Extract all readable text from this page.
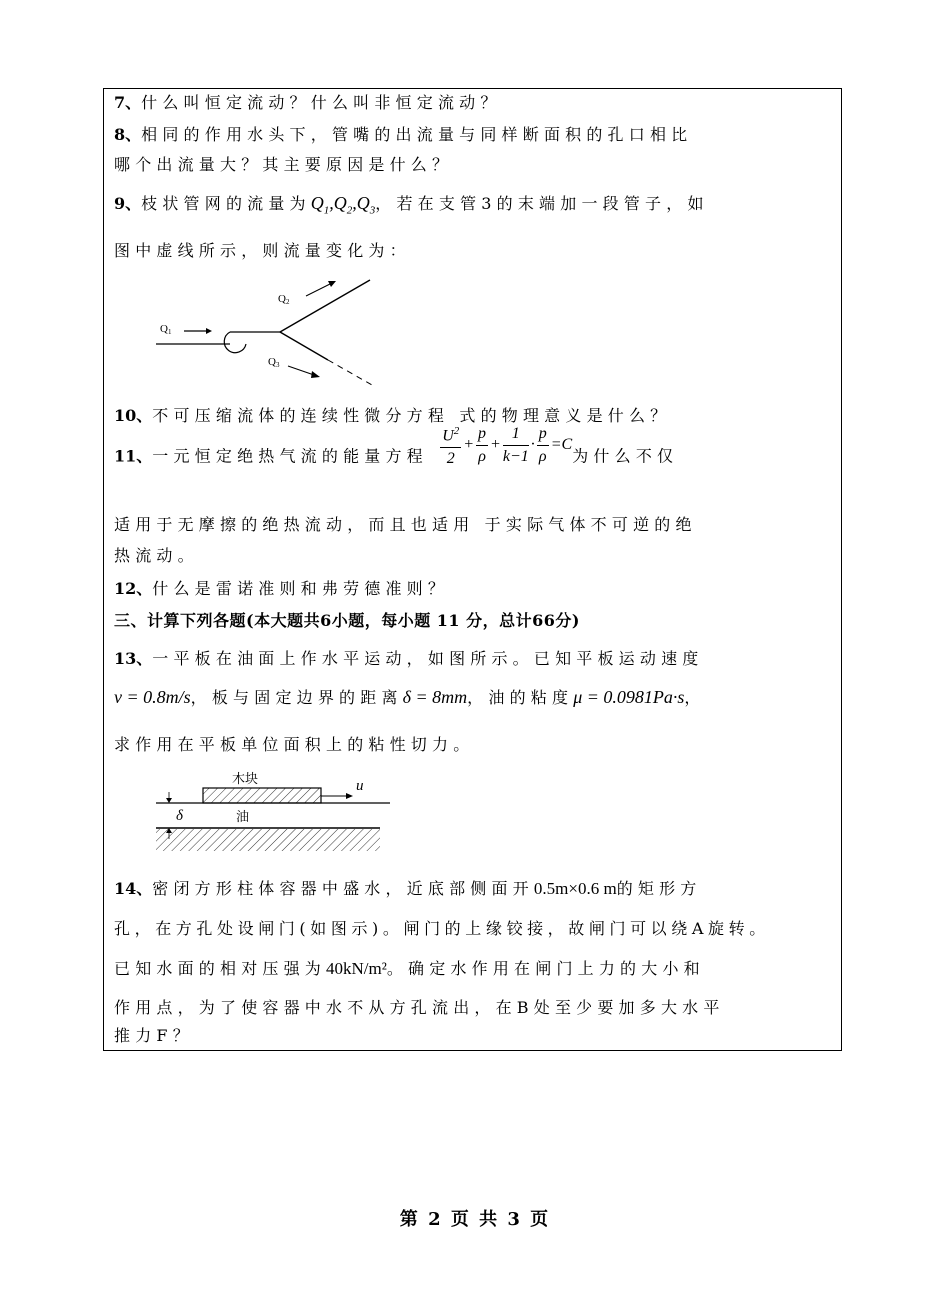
7、什么叫恒定流动？什么叫非恒定流动？
8、相同的作用水头下，管嘴的出流量与同样断面积的孔口相比
哪个出流量大？其主要原因是什么？
9、枝状管网的流量为$Q_1,Q_2,Q_3$，若在支管3的末端加一段管子，如
图中虚线所示，则流量变化为：
Q1
Q2
Q3
10、不可压缩流体的连续性微分方程 式的物理意义是什么？
11、一元恒定绝热气流的能量方程 $\frac{U^2}{2} + \frac{p}{\rho} + \frac{1}{k-1} \cdot \frac{p}{\rho} =C$为什么不仅
适用于无摩擦的绝热流动，而且也适用 于实际气体不可逆的绝
热流动。
12、什么是雷诺准则和弗劳德准则？
三、计算下列各题(本大题共6小题，每小题 11 分，总计66分)
13、一平板在油面上作水平运动，如图所示。已知平板运动速度
v = 0.8m/s，板与固定边界的距离δ = 8mm，油的粘度μ = 0.0981Pa·s，
求作用在平板单位面积上的粘性切力。
木块
油
u
δ
14、密闭方形柱体容器中盛水，近底部侧面开0.5m×0.6 m的矩形方
孔，在方孔处设闸门(如图示)。闸门的上缘铰接，故闸门可以绕A旋转。
已知水面的相对压强为40kN/m²。确定水作用在闸门上力的大小和
作用点，为了使容器中水不从方孔流出，在B处至少要加多大水平
推力F？
第 2 页 共 3 页
